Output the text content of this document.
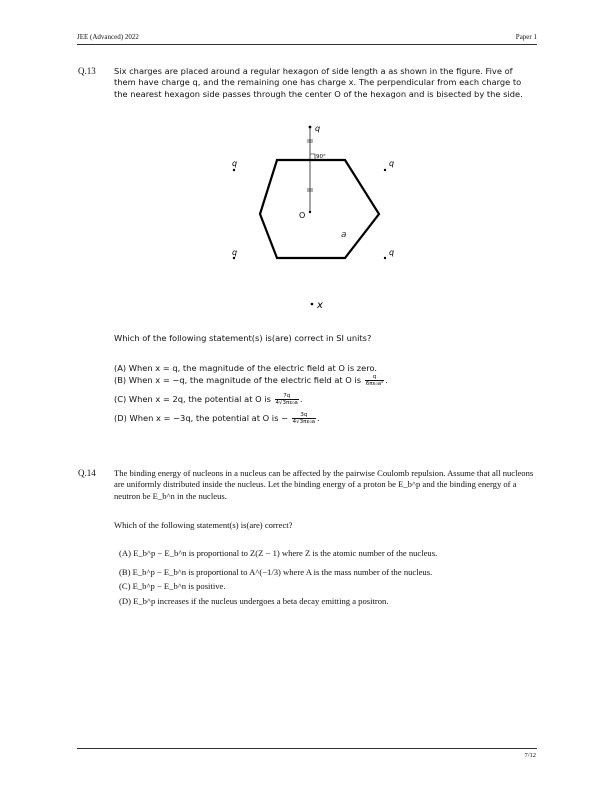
JEE (Advanced) 2022	Paper 1
Q.13 Six charges are placed around a regular hexagon of side length a as shown in the figure. Five of them have charge q, and the remaining one has charge x. The perpendicular from each charge to the nearest hexagon side passes through the center O of the hexagon and is bisected by the side.
q
q	q
q	q
x
O
a
90°
Which of the following statement(s) is(are) correct in SI units?
(A) When x = q, the magnitude of the electric field at O is zero.
(B) When x = −q, the magnitude of the electric field at O is $\frac{q}{\text{6πε₀a²}}$ .
(C) When x = 2q, the potential at O is $\frac{7q}{\text{4√3πε₀a}}$ .
(D) When x = −3q, the potential at O is − $\frac{3q}{\text{4√3πε₀a}}$ .
Q.14 The binding energy of nucleons in a nucleus can be affected by the pairwise Coulomb repulsion. Assume that all nucleons are uniformly distributed inside the nucleus. Let the binding energy of a proton be E_b^p and the binding energy of a neutron be E_b^n in the nucleus.
Which of the following statement(s) is(are) correct?
(A) E_b^p − E_b^n is proportional to Z(Z − 1) where Z is the atomic number of the nucleus.
(B) E_b^p − E_b^n is proportional to A^(−1/3) where A is the mass number of the nucleus.
(C) E_b^p − E_b^n is positive.
(D) E_b^p increases if the nucleus undergoes a beta decay emitting a positron.
7/12
